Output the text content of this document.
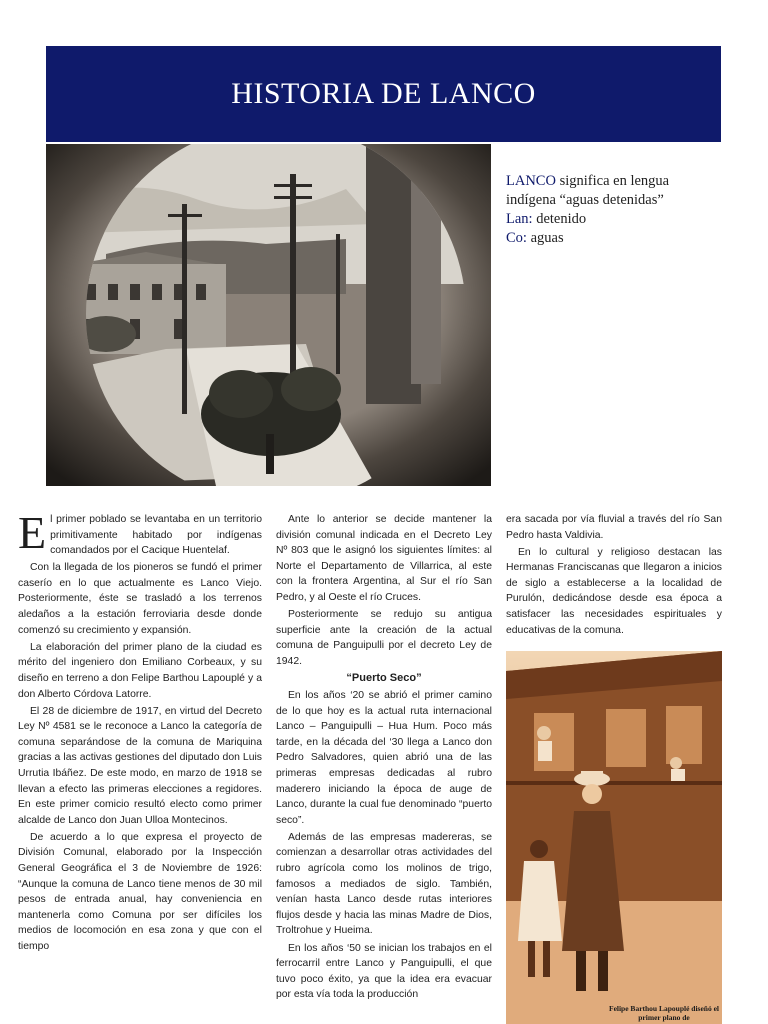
HISTORIA DE LANCO
LANCO significa en lengua indígena “aguas detenidas”
Lan: detenido
Co: aguas

El primer poblado se levantaba en un territorio primitivamente habitado por indígenas comandados por el Cacique Huentelaf.

Con la llegada de los pioneros se fundó el primer caserío en lo que actualmente es Lanco Viejo. Posteriormente, éste se trasladó a los terrenos aledaños a la estación ferroviaria desde donde comenzó su crecimiento y expansión.

La elaboración del primer plano de la ciudad es mérito del ingeniero don Emiliano Corbeaux, y su diseño en terreno a don Felipe Barthou Lapouplé y a don Alberto Córdova Latorre.

El 28 de diciembre de 1917, en virtud del Decreto Ley Nº 4581 se le reconoce a Lanco la categoría de comuna separándose de la comuna de Mariquina gracias a las activas gestiones del diputado don Luis Urrutia Ibáñez. De este modo, en marzo de 1918 se llevan a efecto las primeras elecciones a regidores. En este primer comicio resultó electo como primer alcalde de Lanco don Juan Ulloa Montecinos.

De acuerdo a lo que expresa el proyecto de División Comunal, elaborado por la Inspección General Geográfica el 3 de Noviembre de 1926: “Aunque la comuna de Lanco tiene menos de 30 mil pesos de entrada anual, hay conveniencia en mantenerla como Comuna por ser difíciles los medios de locomoción en esa zona y que con el tiempo

Ante lo anterior se decide mantener la división comunal indicada en el Decreto Ley Nº 803 que le asignó los siguientes límites: al Norte el Departamento de Villarrica, al este con la frontera Argentina, al Sur el río San Pedro, y al Oeste el río Cruces.

Posteriormente se redujo su antigua superficie ante la creación de la actual comuna de Panguipulli por el decreto Ley de 1942.

“Puerto Seco”

En los años ‘20 se abrió el primer camino de lo que hoy es la actual ruta internacional Lanco – Panguipulli – Hua Hum. Poco más tarde, en la década del ‘30 llega a Lanco don Pedro Salvadores, quien abrió una de las primeras empresas dedicadas al rubro maderero iniciando la época de auge de Lanco, durante la cual fue denominado “puerto seco”.

Además de las empresas madereras, se comienzan a desarrollar otras actividades del rubro agrícola como los molinos de trigo, famosos a mediados de siglo. También, venían hasta Lanco desde rutas interiores flujos desde y hacia las minas Madre de Dios, Troltrohue y Hueima.

En los años ‘50 se inician los trabajos en el ferrocarril entre Lanco y Panguipulli, el que tuvo poco éxito, ya que la idea era evacuar por esta vía toda la producción

era sacada por vía fluvial a través del río San Pedro hasta Valdivia.

En lo cultural y religioso destacan las Hermanas Franciscanas que llegaron a inicios de siglo a establecerse a la localidad de Purulón, dedicándose desde esa época a satisfacer las necesidades espirituales y educativas de la comuna.

Felipe Barthou Lapouplé diseñó el primer plano de
